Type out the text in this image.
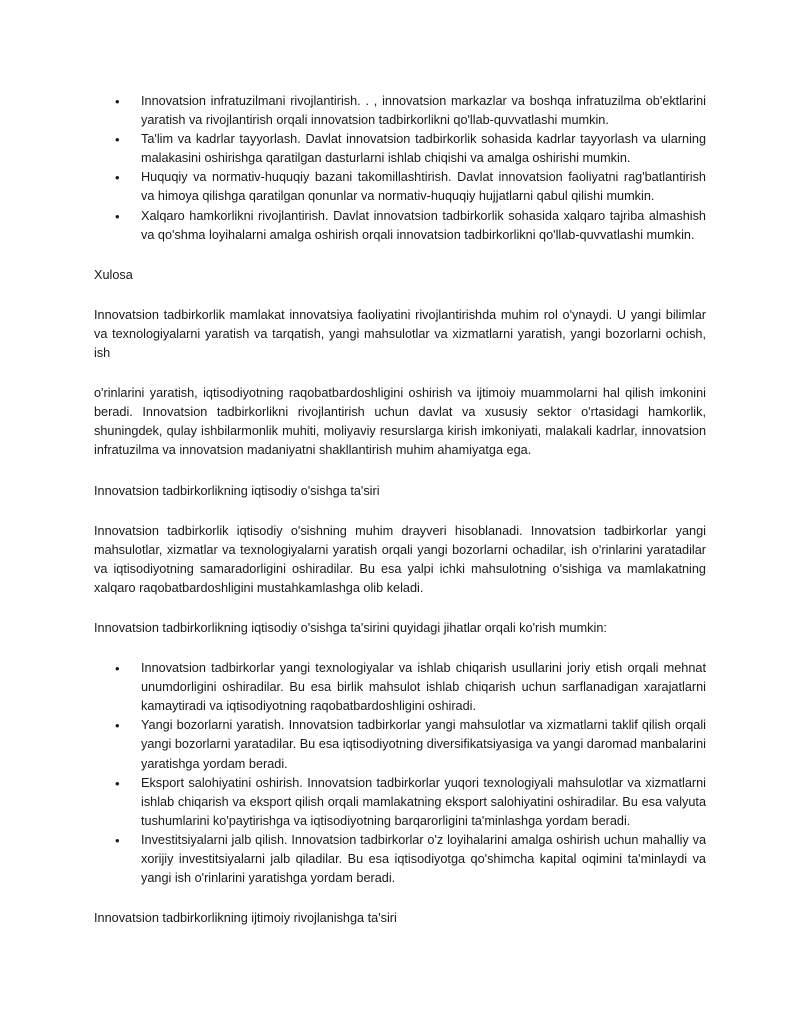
• Innovatsion infratuzilmani rivojlantirish. . , innovatsion markazlar va boshqa infratuzilma ob'ektlarini yaratish va rivojlantirish orqali innovatsion tadbirkorlikni qo'llab-quvvatlashi mumkin.
• Ta'lim va kadrlar tayyorlash. Davlat innovatsion tadbirkorlik sohasida kadrlar tayyorlash va ularning malakasini oshirishga qaratilgan dasturlarni ishlab chiqishi va amalga oshirishi mumkin.
• Huquqiy va normativ-huquqiy bazani takomillashtirish. Davlat innovatsion faoliyatni rag'batlantirish va himoya qilishga qaratilgan qonunlar va normativ-huquqiy hujjatlarni qabul qilishi mumkin.
• Xalqaro hamkorlikni rivojlantirish. Davlat innovatsion tadbirkorlik sohasida xalqaro tajriba almashish va qo'shma loyihalarni amalga oshirish orqali innovatsion tadbirkorlikni qo'llab-quvvatlashi mumkin.

Xulosa

Innovatsion tadbirkorlik mamlakat innovatsiya faoliyatini rivojlantirishda muhim rol o'ynaydi. U yangi bilimlar va texnologiyalarni yaratish va tarqatish, yangi mahsulotlar va xizmatlarni yaratish, yangi bozorlarni ochish, ish

o'rinlarini yaratish, iqtisodiyotning raqobatbardoshligini oshirish va ijtimoiy muammolarni hal qilish imkonini beradi. Innovatsion tadbirkorlikni rivojlantirish uchun davlat va xususiy sektor o'rtasidagi hamkorlik, shuningdek, qulay ishbilarmonlik muhiti, moliyaviy resurslarga kirish imkoniyati, malakali kadrlar, innovatsion infratuzilma va innovatsion madaniyatni shakllantirish muhim ahamiyatga ega.

Innovatsion tadbirkorlikning iqtisodiy o'sishga ta'siri

Innovatsion tadbirkorlik iqtisodiy o'sishning muhim drayveri hisoblanadi. Innovatsion tadbirkorlar yangi mahsulotlar, xizmatlar va texnologiyalarni yaratish orqali yangi bozorlarni ochadilar, ish o'rinlarini yaratadilar va iqtisodiyotning samaradorligini oshiradilar. Bu esa yalpi ichki mahsulotning o'sishiga va mamlakatning xalqaro raqobatbardoshligini mustahkamlashga olib keladi.

Innovatsion tadbirkorlikning iqtisodiy o'sishga ta'sirini quyidagi jihatlar orqali ko'rish mumkin:

• Innovatsion tadbirkorlar yangi texnologiyalar va ishlab chiqarish usullarini joriy etish orqali mehnat unumdorligini oshiradilar. Bu esa birlik mahsulot ishlab chiqarish uchun sarflanadigan xarajatlarni kamaytiradi va iqtisodiyotning raqobatbardoshligini oshiradi.
• Yangi bozorlarni yaratish. Innovatsion tadbirkorlar yangi mahsulotlar va xizmatlarni taklif qilish orqali yangi bozorlarni yaratadilar. Bu esa iqtisodiyotning diversifikatsiyasiga va yangi daromad manbalarini yaratishga yordam beradi.
• Eksport salohiyatini oshirish. Innovatsion tadbirkorlar yuqori texnologiyali mahsulotlar va xizmatlarni ishlab chiqarish va eksport qilish orqali mamlakatning eksport salohiyatini oshiradilar. Bu esa valyuta tushumlarini ko'paytirishga va iqtisodiyotning barqarorligini ta'minlashga yordam beradi.
• Investitsiyalarni jalb qilish. Innovatsion tadbirkorlar o'z loyihalarini amalga oshirish uchun mahalliy va xorijiy investitsiyalarni jalb qiladilar. Bu esa iqtisodiyotga qo'shimcha kapital oqimini ta'minlaydi va yangi ish o'rinlarini yaratishga yordam beradi.

Innovatsion tadbirkorlikning ijtimoiy rivojlanishga ta'siri
